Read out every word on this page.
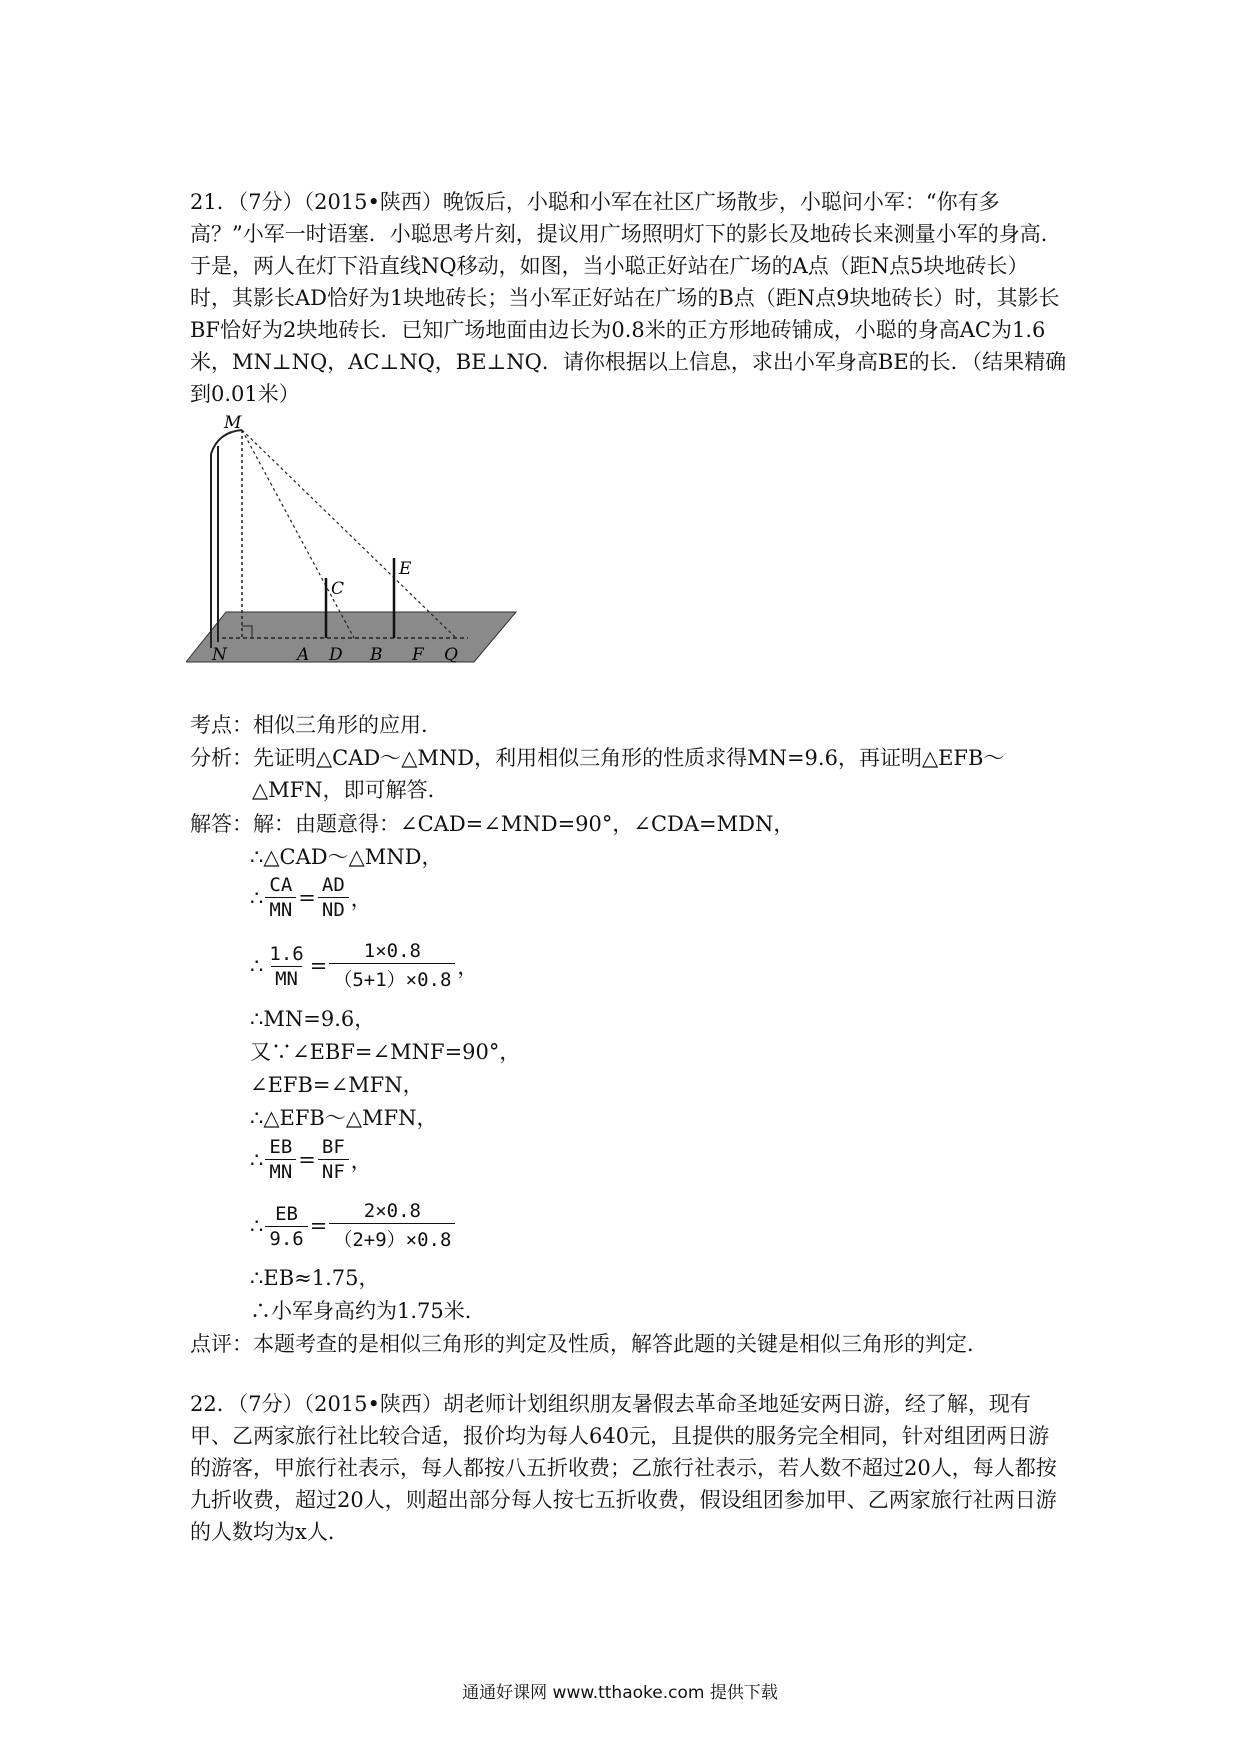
21．（7分）（2015•陕西）晚饭后，小聪和小军在社区广场散步，小聪问小军：“你有多高？”小军一时语塞．小聪思考片刻，提议用广场照明灯下的影长及地砖长来测量小军的身高．于是，两人在灯下沿直线NQ移动，如图，当小聪正好站在广场的A点（距N点5块地砖长）时，其影长AD恰好为1块地砖长；当小军正好站在广场的B点（距N点9块地砖长）时，其影长BF恰好为2块地砖长．已知广场地面由边长为0.8米的正方形地砖铺成，小聪的身高AC为1.6米，MN⊥NQ，AC⊥NQ，BE⊥NQ．请你根据以上信息，求出小军身高BE的长．（结果精确到0.01米）

M
N	A D B F Q
C
E
考点：相似三角形的应用．
分析：先证明△CAD～△MND，利用相似三角形的性质求得MN=9.6，再证明△EFB～
△MFN，即可解答．
解答：解：由题意得：∠CAD=∠MND=90°，∠CDA=MDN，
∴△CAD～△MND，
∴ $\frac{CA}{MN} = \frac{AD}{ND}$ ，
∴ $\frac{1.6}{MN} = \frac{1\times 0.8}{(5+1)\times 0.8}$ ，
∴MN=9.6，
又∵∠EBF=∠MNF=90°，
∠EFB=∠MFN，
∴△EFB～△MFN，
∴ $\frac{EB}{MN} = \frac{BF}{NF}$ ，
∴ $\frac{EB}{9.6} = \frac{2\times 0.8}{(2+9)\times 0.8}$
∴EB≈1.75，
∴小军身高约为1.75米．
点评：本题考查的是相似三角形的判定及性质，解答此题的关键是相似三角形的判定．

22．（7分）（2015•陕西）胡老师计划组织朋友暑假去革命圣地延安两日游，经了解，现有甲、乙两家旅行社比较合适，报价均为每人640元，且提供的服务完全相同，针对组团两日游的游客，甲旅行社表示，每人都按八五折收费；乙旅行社表示，若人数不超过20人，每人都按九折收费，超过20人，则超出部分每人按七五折收费，假设组团参加甲、乙两家旅行社两日游的人数均为x人．

通通好课网 www.tthaoke.com 提供下载
